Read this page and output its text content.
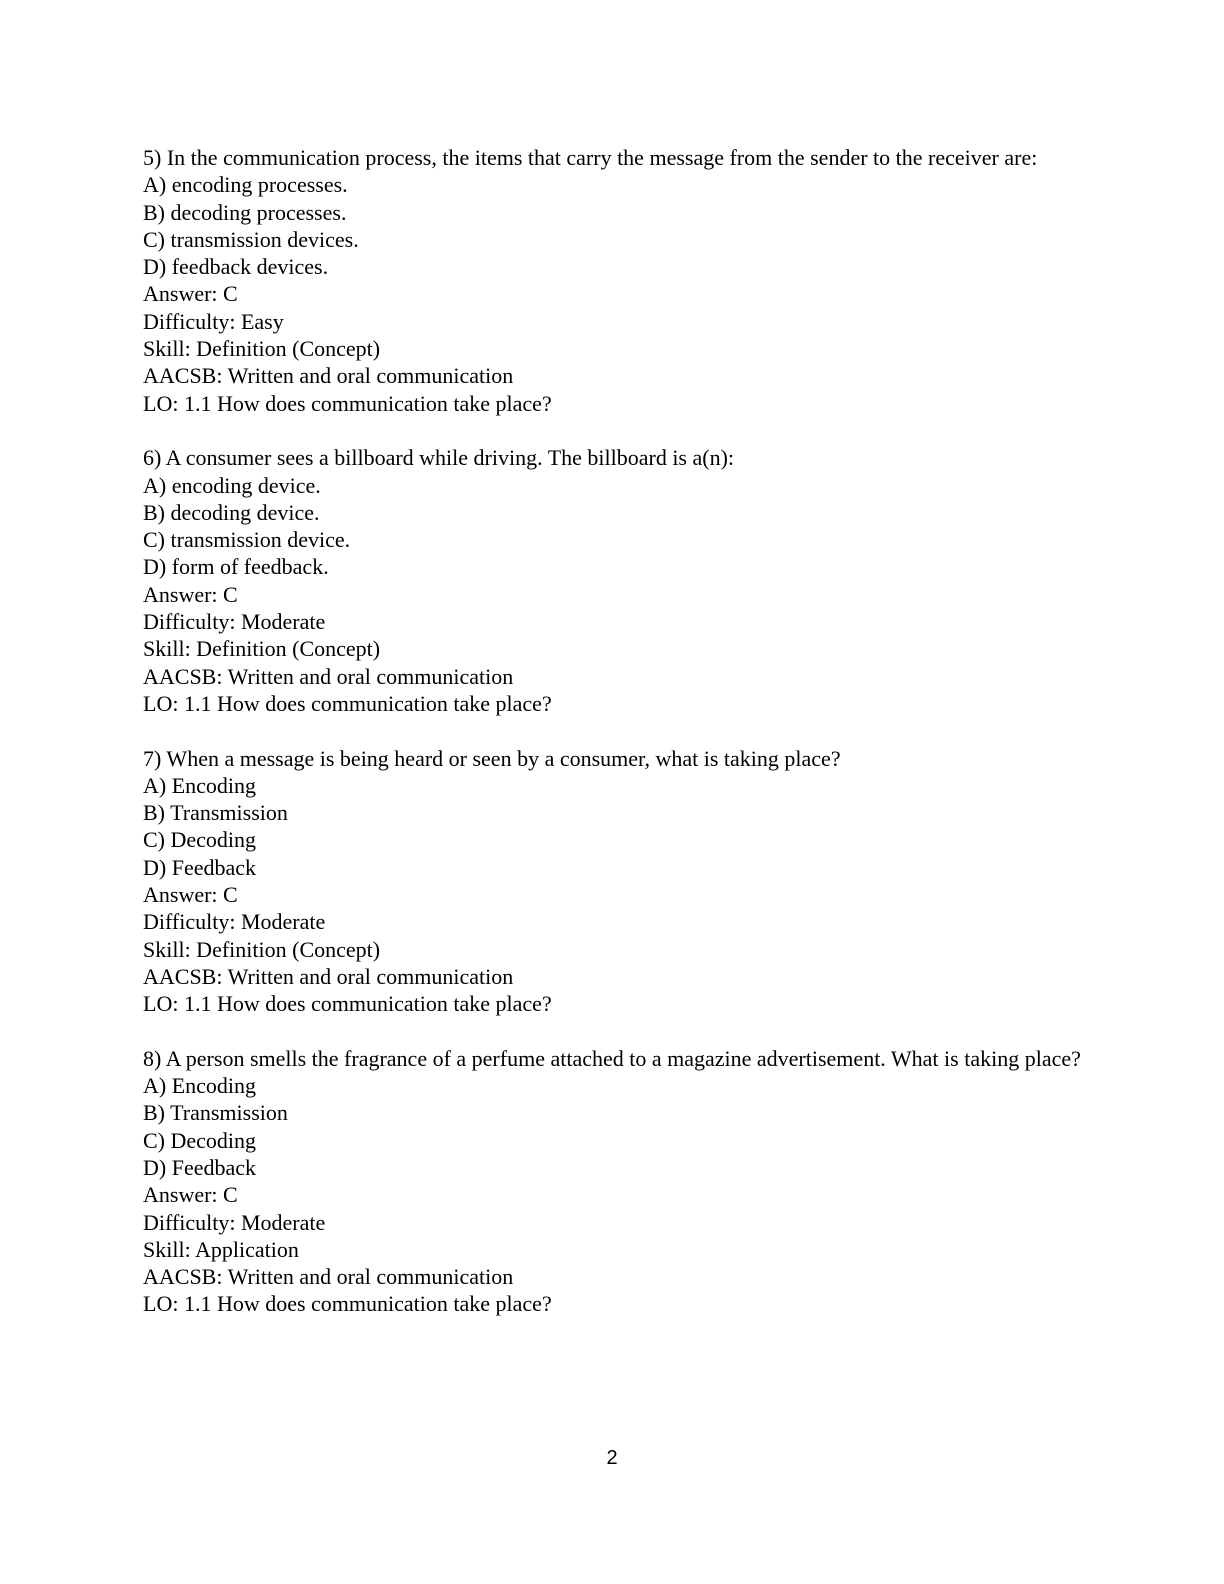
5) In the communication process, the items that carry the message from the sender to the receiver are:

A) encoding processes.

B) decoding processes.

C) transmission devices.

D) feedback devices.

Answer: C

Difficulty: Easy

Skill: Definition (Concept)

AACSB: Written and oral communication

LO: 1.1 How does communication take place?

6) A consumer sees a billboard while driving. The billboard is a(n):

A) encoding device.

B) decoding device.

C) transmission device.

D) form of feedback.

Answer: C

Difficulty: Moderate

Skill: Definition (Concept)

AACSB: Written and oral communication

LO: 1.1 How does communication take place?

7) When a message is being heard or seen by a consumer, what is taking place?

A) Encoding

B) Transmission

C) Decoding

D) Feedback

Answer: C

Difficulty: Moderate

Skill: Definition (Concept)

AACSB: Written and oral communication

LO: 1.1 How does communication take place?

8) A person smells the fragrance of a perfume attached to a magazine advertisement. What is taking place?

A) Encoding

B) Transmission

C) Decoding

D) Feedback

Answer: C

Difficulty: Moderate

Skill: Application

AACSB: Written and oral communication

LO: 1.1 How does communication take place?

2
